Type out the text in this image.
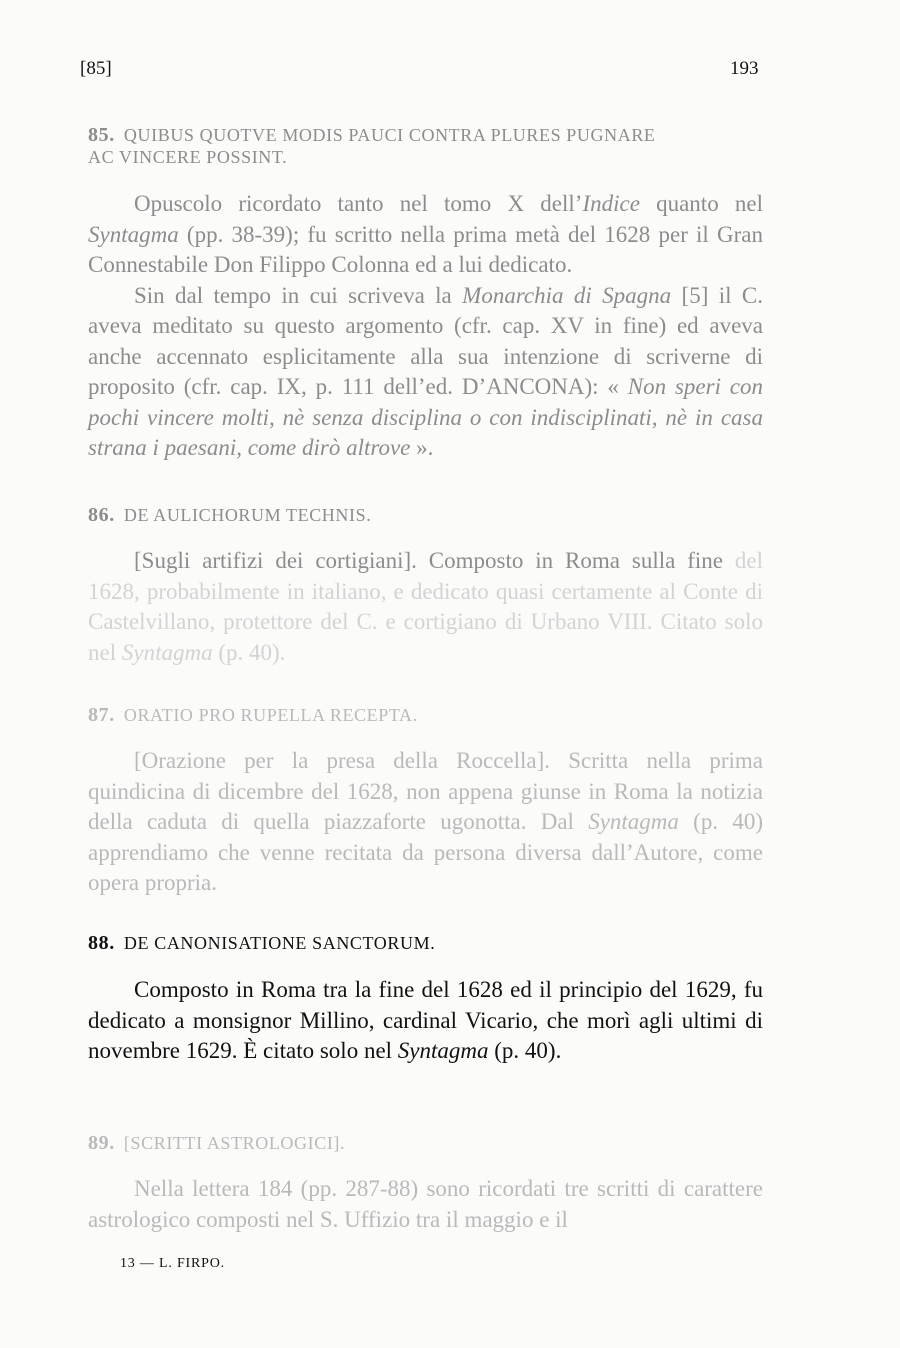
[85]	193
85. QUIBUS QUOTVE MODIS PAUCI CONTRA PLURES PUGNARE
AC VINCERE POSSINT.
Opuscolo ricordato tanto nel tomo X dell’Indice quanto nel Syntagma (pp. 38-39); fu scritto nella prima metà del 1628 per il Gran Connestabile Don Filippo Colonna ed a lui dedicato.
Sin dal tempo in cui scriveva la Monarchia di Spagna [5] il C. aveva meditato su questo argomento (cfr. cap. XV in fine) ed aveva anche accennato esplicitamente alla sua intenzione di scriverne di proposito (cfr. cap. IX, p. 111 dell’ed. D’ANCONA): « Non speri con pochi vincere molti, nè senza disciplina o con indisciplinati, nè in casa strana i paesani, come dirò altrove ».
86. DE AULICHORUM TECHNIS.
[Sugli artifizi dei cortigiani]. Composto in Roma sulla fine del 1628, probabilmente in italiano, e dedicato quasi certamente al Conte di Castelvillano, protettore del C. e cortigiano di Urbano VIII. Citato solo nel Syntagma (p. 40).
87. ORATIO PRO RUPELLA RECEPTA.
[Orazione per la presa della Roccella]. Scritta nella prima quindicina di dicembre del 1628, non appena giunse in Roma la notizia della caduta di quella piazzaforte ugonotta. Dal Syntagma (p. 40) apprendiamo che venne recitata da persona diversa dall’Autore, come opera propria.
88. DE CANONISATIONE SANCTORUM.
Composto in Roma tra la fine del 1628 ed il principio del 1629, fu dedicato a monsignor Millino, cardinal Vicario, che morì agli ultimi di novembre 1629. È citato solo nel Syntagma (p. 40).
89. [SCRITTI ASTROLOGICI].
Nella lettera 184 (pp. 287-88) sono ricordati tre scritti di carattere astrologico composti nel S. Uffizio tra il maggio e il
13 — L. FIRPO.
